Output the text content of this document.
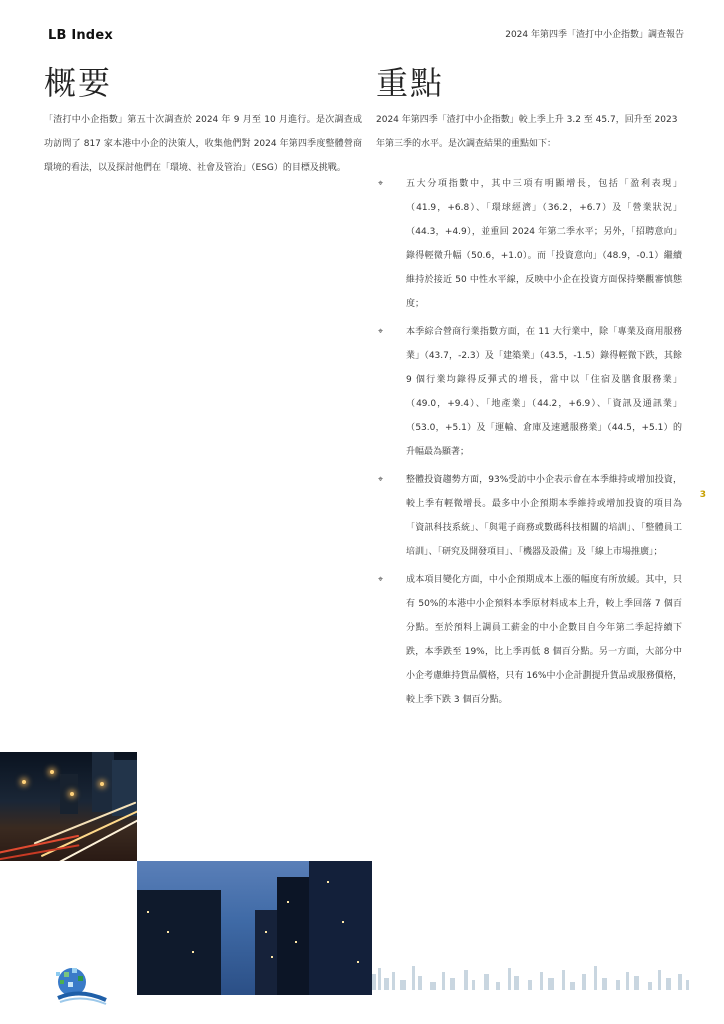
LB Index	2024 年第四季「渣打中小企指數」調查報告
概要	重點

「渣打中小企指數」第五十次調查於 2024 年 9 月至 10 月進行。是次調查成功訪問了 817 家本港中小企的決策人，收集他們對 2024 年第四季度整體營商環境的看法，以及探討他們在「環境、社會及管治」（ESG）的目標及挑戰。

2024 年第四季「渣打中小企指數」較上季上升 3.2 至 45.7，回升至 2023 年第三季的水平。是次調查結果的重點如下：

⌖	五大分項指數中，其中三項有明顯增長，包括「盈利表現」（41.9，+6.8）、「環球經濟」（36.2，+6.7）及「營業狀況」（44.3，+4.9），並重回 2024 年第二季水平；另外，「招聘意向」錄得輕微升幅（50.6，+1.0）。而「投資意向」（48.9，-0.1）繼續維持於接近 50 中性水平線，反映中小企在投資方面保持樂觀審慎態度；
⌖	本季綜合營商行業指數方面，在 11 大行業中，除「專業及商用服務業」（43.7，-2.3）及「建築業」（43.5，-1.5）錄得輕微下跌，其餘 9 個行業均錄得反彈式的增長，當中以「住宿及膳食服務業」（49.0，+9.4）、「地產業」（44.2，+6.9）、「資訊及通訊業」（53.0，+5.1）及「運輸、倉庫及速遞服務業」（44.5，+5.1）的升幅最為顯著；
⌖	整體投資趨勢方面，93%受訪中小企表示會在本季維持或增加投資，較上季有輕微增長。最多中小企預期本季維持或增加投資的項目為「資訊科技系統」、「與電子商務或數碼科技相關的培訓」、「整體員工培訓」、「研究及開發項目」、「機器及設備」及「線上市場推廣」；
⌖	成本項目變化方面，中小企預期成本上漲的幅度有所放緩。其中，只有 50%的本港中小企預料本季原材料成本上升，較上季回落 7 個百分點。至於預料上調員工薪金的中小企數目自今年第二季起持續下跌，本季跌至 19%，比上季再低 8 個百分點。另一方面，大部分中小企考慮維持貨品價格，只有 16%中小企計劃提升貨品或服務價格，較上季下跌 3 個百分點。
3
